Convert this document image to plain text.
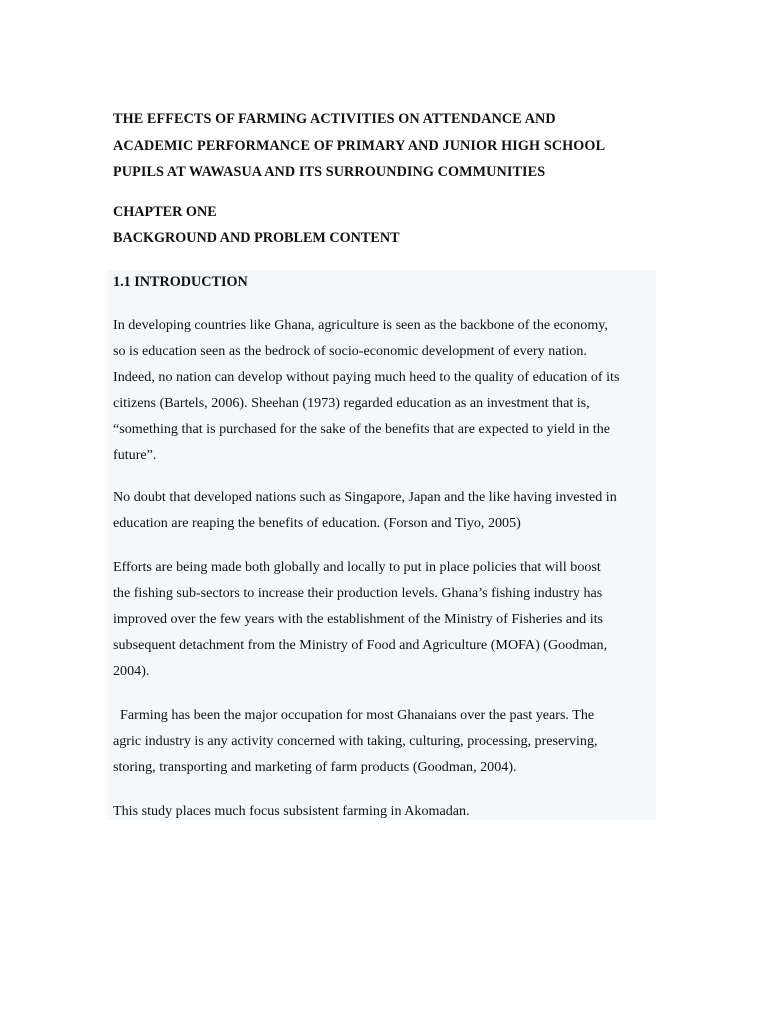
THE EFFECTS OF FARMING ACTIVITIES ON ATTENDANCE AND
ACADEMIC PERFORMANCE OF PRIMARY AND JUNIOR HIGH SCHOOL
PUPILS AT WAWASUA AND ITS SURROUNDING COMMUNITIES
CHAPTER ONE
BACKGROUND AND PROBLEM CONTENT
1.1 INTRODUCTION

In developing countries like Ghana, agriculture is seen as the backbone of the economy,
so is education seen as the bedrock of socio-economic development of every nation.
Indeed, no nation can develop without paying much heed to the quality of education of its
citizens (Bartels, 2006). Sheehan (1973) regarded education as an investment that is,
“something that is purchased for the sake of the benefits that are expected to yield in the
future”.

No doubt that developed nations such as Singapore, Japan and the like having invested in
education are reaping the benefits of education. (Forson and Tiyo, 2005)

Efforts are being made both globally and locally to put in place policies that will boost
the fishing sub-sectors to increase their production levels. Ghana’s fishing industry has
improved over the few years with the establishment of the Ministry of Fisheries and its
subsequent detachment from the Ministry of Food and Agriculture (MOFA) (Goodman,
2004).

Farming has been the major occupation for most Ghanaians over the past years. The
agric industry is any activity concerned with taking, culturing, processing, preserving,
storing, transporting and marketing of farm products (Goodman, 2004).

This study places much focus subsistent farming in Akomadan.
